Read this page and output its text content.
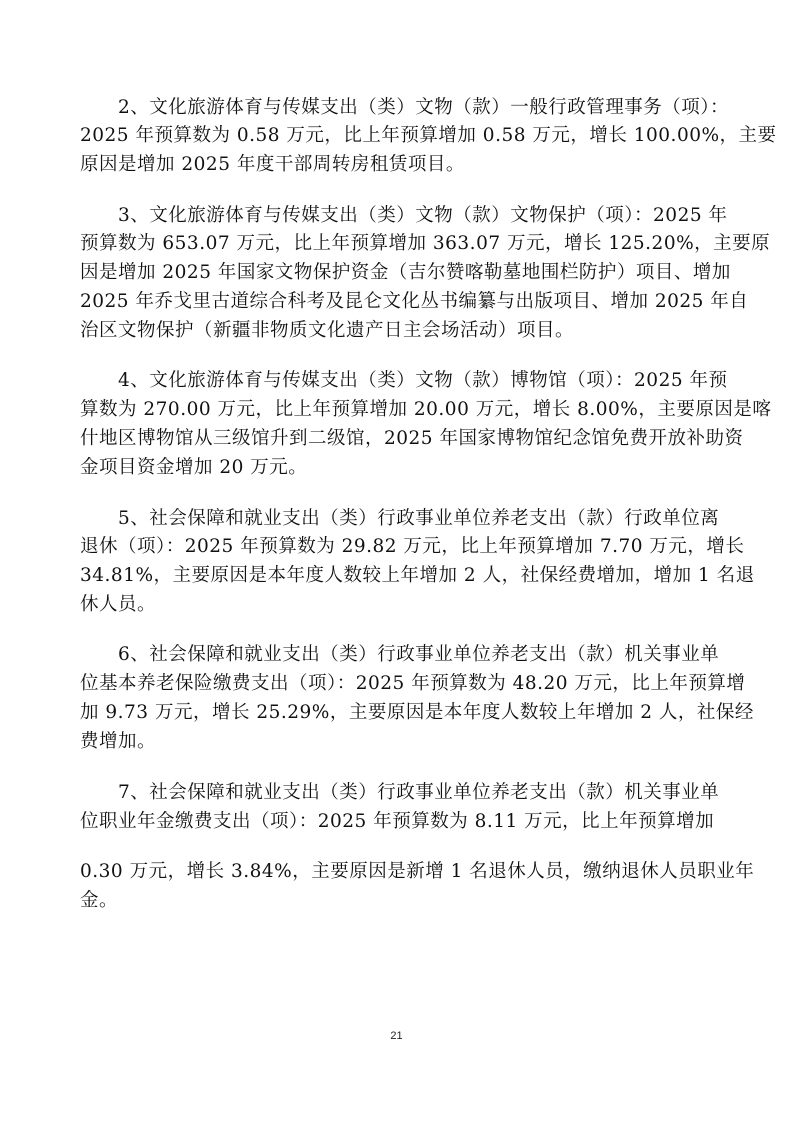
2、文化旅游体育与传媒支出（类）文物（款）一般行政管理事务（项）：

2025 年预算数为 0.58 万元，比上年预算增加 0.58 万元，增长 100.00%，主要

原因是增加 2025 年度干部周转房租赁项目。

3、文化旅游体育与传媒支出（类）文物（款）文物保护（项）：2025 年

预算数为 653.07 万元，比上年预算增加 363.07 万元，增长 125.20%，主要原

因是增加 2025 年国家文物保护资金（吉尔赞喀勒墓地围栏防护）项目、增加

2025 年乔戈里古道综合科考及昆仑文化丛书编纂与出版项目、增加 2025 年自

治区文物保护（新疆非物质文化遗产日主会场活动）项目。

4、文化旅游体育与传媒支出（类）文物（款）博物馆（项）：2025 年预

算数为 270.00 万元，比上年预算增加 20.00 万元，增长 8.00%，主要原因是喀

什地区博物馆从三级馆升到二级馆，2025 年国家博物馆纪念馆免费开放补助资

金项目资金增加 20 万元。

5、社会保障和就业支出（类）行政事业单位养老支出（款）行政单位离

退休（项）：2025 年预算数为 29.82 万元，比上年预算增加 7.70 万元，增长

34.81%，主要原因是本年度人数较上年增加 2 人，社保经费增加，增加 1 名退

休人员。

6、社会保障和就业支出（类）行政事业单位养老支出（款）机关事业单

位基本养老保险缴费支出（项）：2025 年预算数为 48.20 万元，比上年预算增

加 9.73 万元，增长 25.29%，主要原因是本年度人数较上年增加 2 人，社保经

费增加。

7、社会保障和就业支出（类）行政事业单位养老支出（款）机关事业单

位职业年金缴费支出（项）：2025 年预算数为 8.11 万元，比上年预算增加

0.30 万元，增长 3.84%，主要原因是新增 1 名退休人员，缴纳退休人员职业年

金。

21
